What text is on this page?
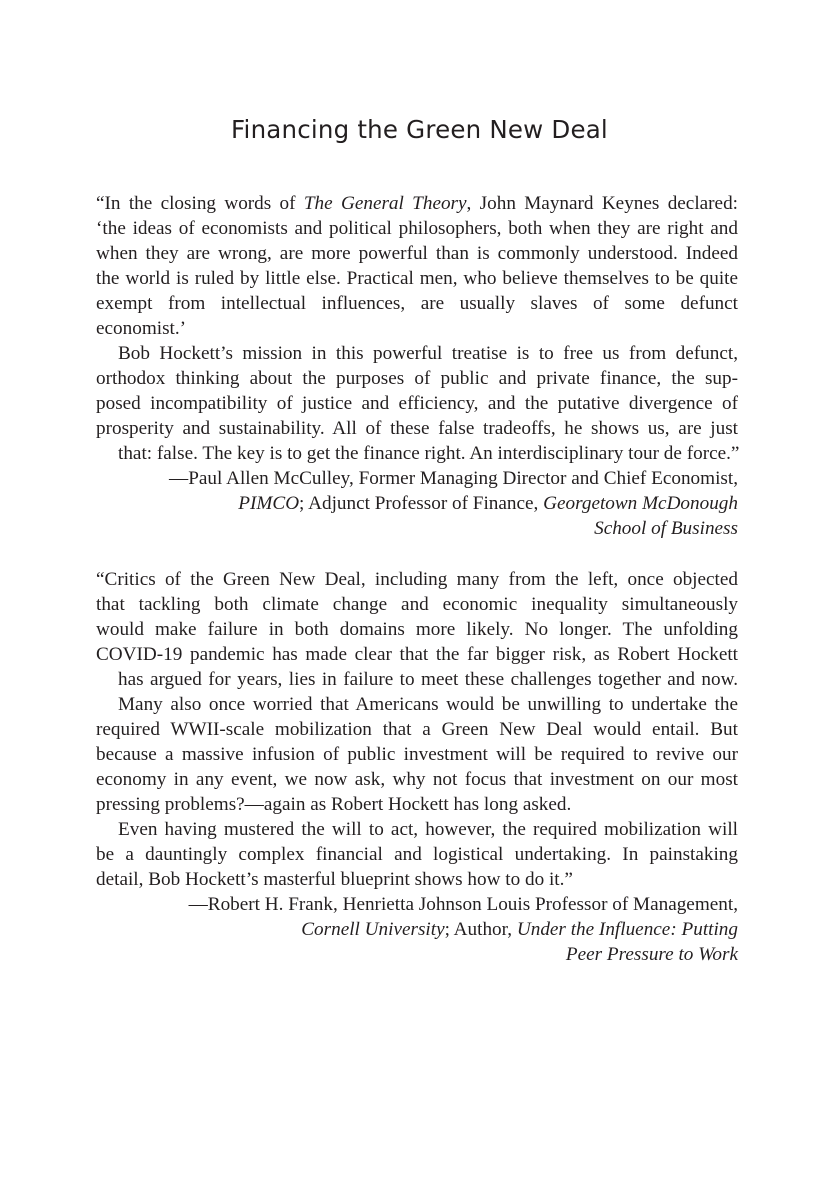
Financing the Green New Deal
“In the closing words of The General Theory, John Maynard Keynes declared:
‘the ideas of economists and political philosophers, both when they are right and
when they are wrong, are more powerful than is commonly understood. Indeed
the world is ruled by little else. Practical men, who believe themselves to be quite
exempt from intellectual influences, are usually slaves of some defunct
economist.’
Bob Hockett’s mission in this powerful treatise is to free us from defunct,
orthodox thinking about the purposes of public and private finance, the sup-
posed incompatibility of justice and efficiency, and the putative divergence of
prosperity and sustainability. All of these false tradeoffs, he shows us, are just
that: false. The key is to get the finance right. An interdisciplinary tour de force.”
—Paul Allen McCulley, Former Managing Director and Chief Economist,
PIMCO; Adjunct Professor of Finance, Georgetown McDonough
School of Business
“Critics of the Green New Deal, including many from the left, once objected
that tackling both climate change and economic inequality simultaneously
would make failure in both domains more likely. No longer. The unfolding
COVID-19 pandemic has made clear that the far bigger risk, as Robert Hockett
has argued for years, lies in failure to meet these challenges together and now.
Many also once worried that Americans would be unwilling to undertake the
required WWII-scale mobilization that a Green New Deal would entail. But
because a massive infusion of public investment will be required to revive our
economy in any event, we now ask, why not focus that investment on our most
pressing problems?—again as Robert Hockett has long asked.
Even having mustered the will to act, however, the required mobilization will
be a dauntingly complex financial and logistical undertaking. In painstaking
detail, Bob Hockett’s masterful blueprint shows how to do it.”
—Robert H. Frank, Henrietta Johnson Louis Professor of Management,
Cornell University; Author, Under the Influence: Putting
Peer Pressure to Work
